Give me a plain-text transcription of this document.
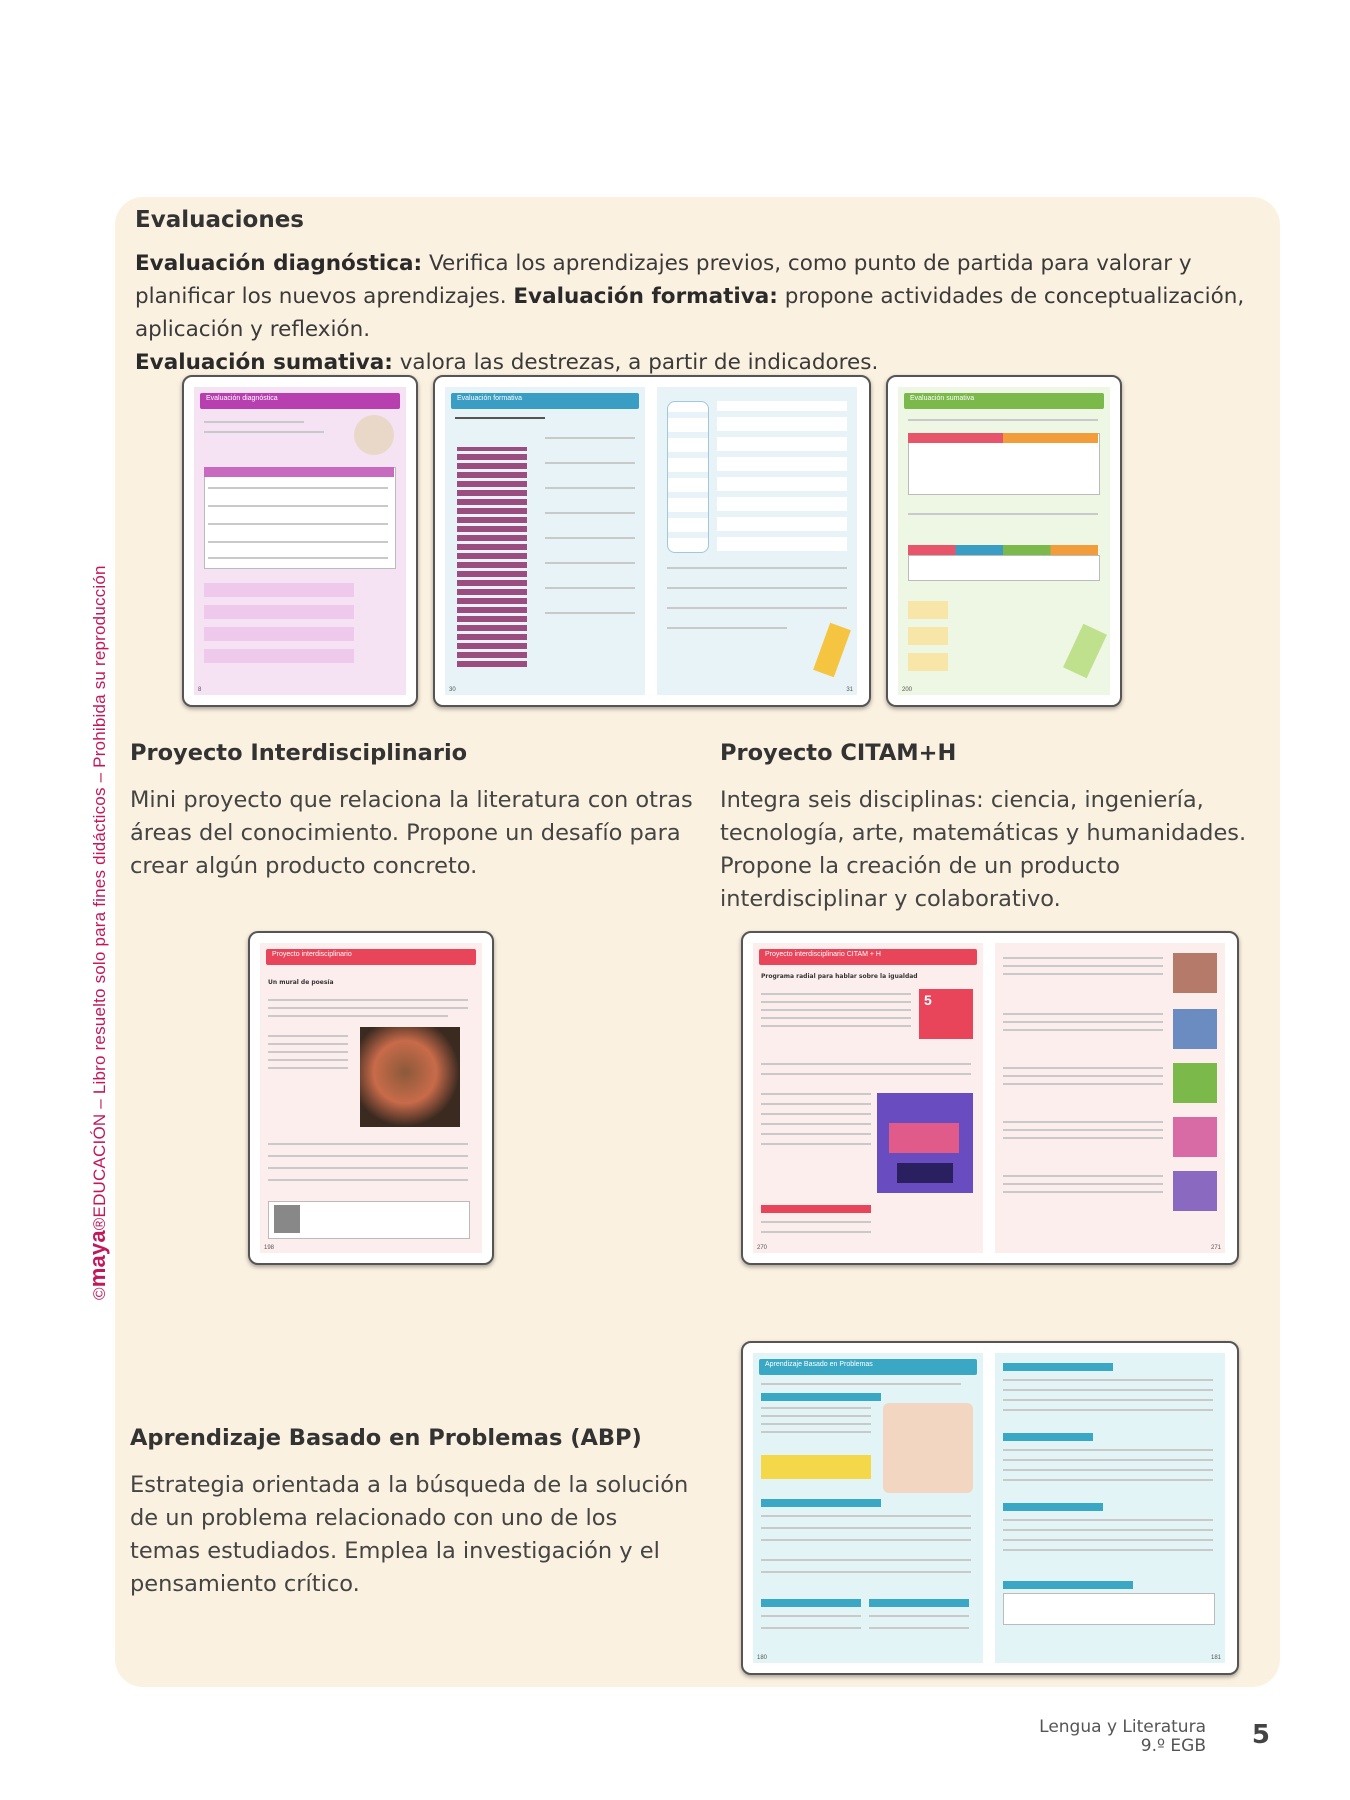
©maya®EDUCACIÓN – Libro resuelto solo para fines didácticos – Prohibida su reproducción
Evaluaciones
Evaluación diagnóstica: Verifica los aprendizajes previos, como punto de partida para valorar y planificar los nuevos aprendizajes. Evaluación formativa: propone actividades de conceptualización, aplicación y reflexión.
Evaluación sumativa: valora las destrezas, a partir de indicadores.
Evaluación diagnóstica
8
Evaluación formativa
30	31
Evaluación sumativa
200
Proyecto Interdisciplinario
Mini proyecto que relaciona la literatura con otras áreas del conocimiento. Propone un desafío para crear algún producto concreto.
Proyecto CITAM+H
Integra seis disciplinas: ciencia, ingeniería, tecnología, arte, matemáticas y humanidades. Propone la creación de un producto interdisciplinar y colaborativo.
Proyecto interdisciplinario
Un mural de poesía
198
Proyecto interdisciplinario CITAM + H
Programa radial para hablar sobre la igualdad
5
270	271
Aprendizaje Basado en Problemas (ABP)
Estrategia orientada a la búsqueda de la solución de un problema relacionado con uno de los temas estudiados. Emplea la investigación y el pensamiento crítico.
Aprendizaje Basado en Problemas
180	181
Lengua y Literatura
9.º EGB 5
